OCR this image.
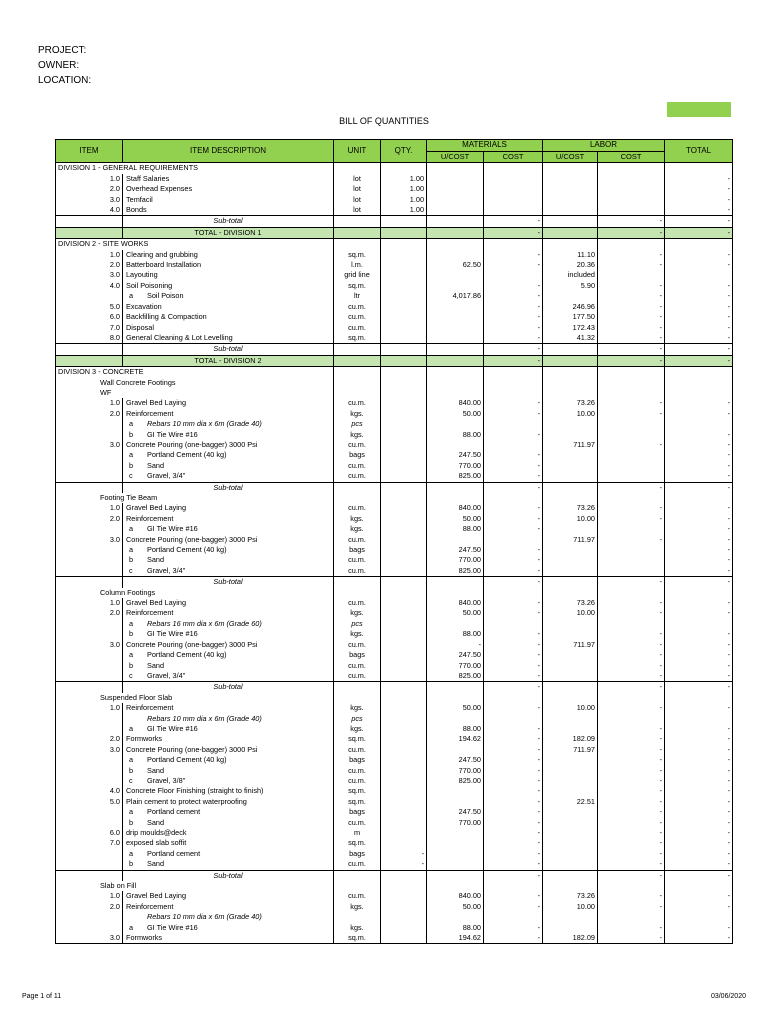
PROJECT:
OWNER:
LOCATION:
BILL OF QUANTITIES
ITEM	ITEM DESCRIPTION	UNIT	QTY.	MATERIALS		LABOR		TOTAL
				U/COST	COST	U/COST	COST	
DIVISION 1 - GENERAL REQUIREMENTS								
1.0	Staff Salaries	lot	1.00					-
2.0	Overhead Expenses	lot	1.00					-
3.0	Temfacil	lot	1.00					-
4.0	Bonds	lot	1.00					-
	Sub-total				-		-	-
	TOTAL - DIVISION 1				-		-	-
DIVISION 2 - SITE WORKS								
1.0	Clearing and grubbing	sq.m.			-	11.10	-	-
2.0	Batterboard Installation	l.m.		62.50	-	20.36	-	-
3.0	Layouting	grid line				included		
4.0	Soil Poisoning	sq.m.			-	5.90	-	-
	a Soil Poison	ltr		4,017.86	-		-	-
5.0	Excavation	cu.m.			-	246.96	-	-
6.0	Backfilling & Compaction	cu.m.			-	177.50	-	-
7.0	Disposal	cu.m.			-	172.43	-	-
8.0	General Cleaning & Lot Levelling	sq.m.			-	41.32	-	-
	Sub-total				-		-	-
	TOTAL - DIVISION 2				-		-	-
DIVISION 3 - CONCRETE								
Wall Concrete Footings								
WF								
1.0	Gravel Bed Laying	cu.m.		840.00	-	73.26	-	-
2.0	Reinforcement	kgs.		50.00	-	10.00	-	-
	a Rebars 10 mm dia x 6m (Grade 40)	pcs						
	b GI Tie Wire #16	kgs.		88.00	-			-
3.0	Concrete Pouring (one-bagger) 3000 Psi	cu.m.				711.97	-	-
	a Portland Cement (40 kg)	bags		247.50	-			-
	b Sand	cu.m.		770.00	-			-
	c Gravel, 3/4"	cu.m.		825.00	-			-
	Sub-total				-		-	-
Footing Tie Beam								
1.0	Gravel Bed Laying	cu.m.		840.00	-	73.26	-	-
2.0	Reinforcement	kgs.		50.00	-	10.00	-	-
	a GI Tie Wire #16	kgs.		88.00	-			-
3.0	Concrete Pouring (one-bagger) 3000 Psi	cu.m.				711.97	-	-
	a Portland Cement (40 kg)	bags		247.50	-			-
	b Sand	cu.m.		770.00	-			-
	c Gravel, 3/4"	cu.m.		825.00	-			-
	Sub-total				-		-	-
Column Footings								
1.0	Gravel Bed Laying	cu.m.		840.00	-	73.26	-	-
2.0	Reinforcement	kgs.		50.00	-	10.00	-	-
	a Rebars 16 mm dia x 6m (Grade 60)	pcs						
	b GI Tie Wire #16	kgs.		88.00	-		-	-
3.0	Concrete Pouring (one-bagger) 3000 Psi	cu.m.		-	-	711.97	-	-
	a Portland Cement (40 kg)	bags		247.50	-		-	-
	b Sand	cu.m.		770.00	-		-	-
	c Gravel, 3/4"	cu.m.		825.00	-		-	-
	Sub-total				-		-	-
Suspended Floor Slab								
1.0	Reinforcement	kgs.		50.00	-	10.00	-	-
	Rebars 10 mm dia x 6m (Grade 40)	pcs						
	a GI Tie Wire #16	kgs.		88.00	-		-	-
2.0	Formworks	sq.m.		194.62	-	182.09	-	-
3.0	Concrete Pouring (one-bagger) 3000 Psi	cu.m.			-	711.97	-	-
	a Portland Cement (40 kg)	bags		247.50	-		-	-
	b Sand	cu.m.		770.00	-		-	-
	c Gravel, 3/8"	cu.m.		825.00	-		-	-
4.0	Concrete Floor Finishing (straight to finish)	sq.m.			-		-	-
5.0	Plain cement to protect waterproofing	sq.m.			-	22.51	-	-
	a Portland cement	bags		247.50	-		-	-
	b Sand	cu.m.		770.00	-		-	-
6.0	drip moulds@deck	m			-		-	-
7.0	exposed slab soffit	sq.m.			-		-	-
	a Portland cement	bags	-		-		-	-
	b Sand	cu.m.	-		-		-	-
	Sub-total				-		-	-
Slab on Fill								
1.0	Gravel Bed Laying	cu.m.		840.00	-	73.26	-	-
2.0	Reinforcement	kgs.		50.00	-	10.00	-	-
	Rebars 10 mm dia x 6m (Grade 40)							
	a GI Tie Wire #16	kgs.		88.00	-		-	-
3.0	Formworks	sq.m.		194.62	-	182.09	-	-
Page 1 of 11	03/06/2020
